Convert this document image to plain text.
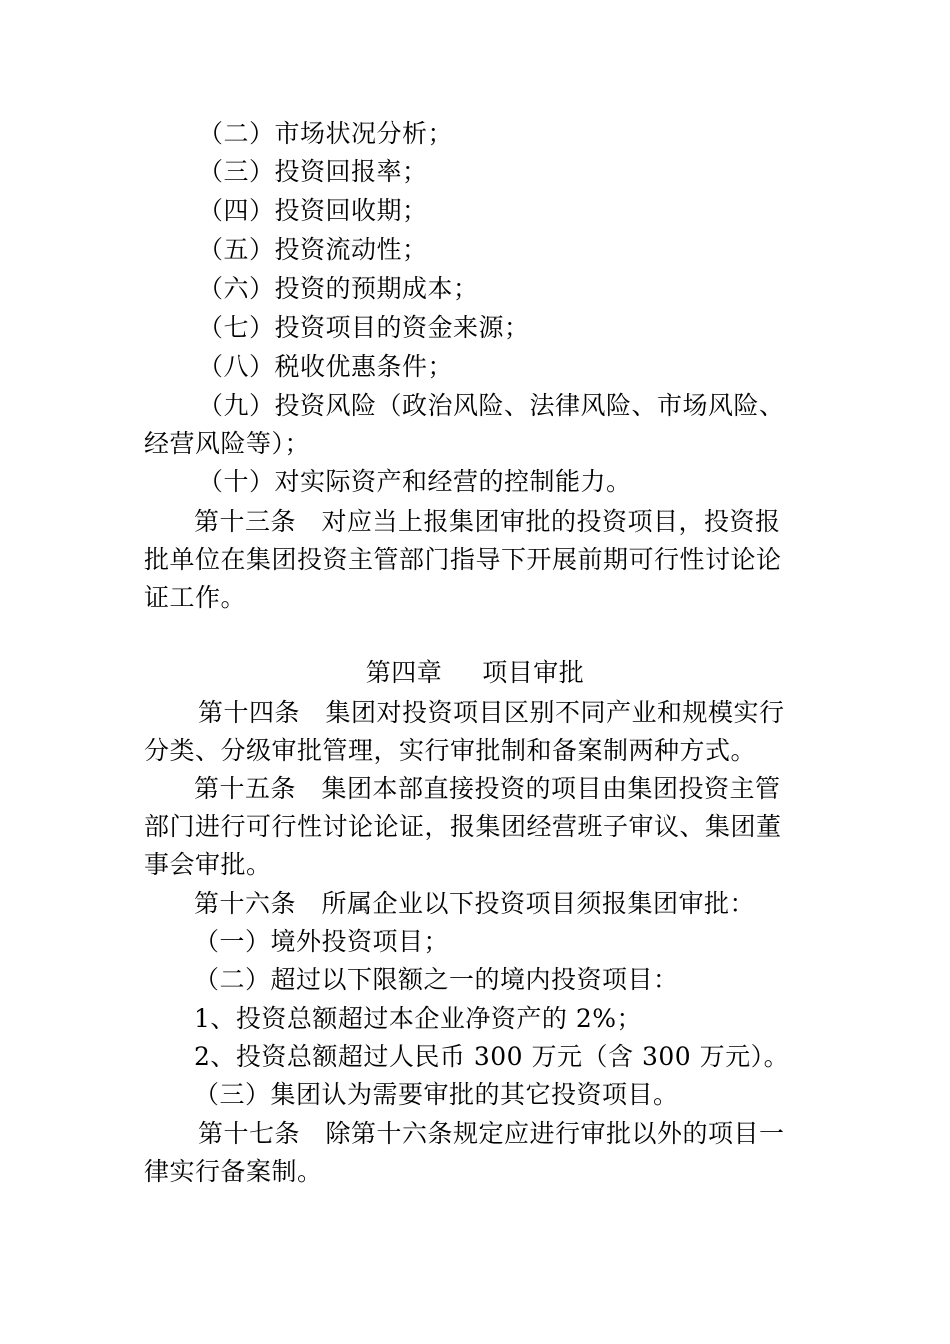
（二）市场状况分析；
（三）投资回报率；
（四）投资回收期；
（五）投资流动性；
（六）投资的预期成本；
（七）投资项目的资金来源；
（八）税收优惠条件；
（九）投资风险（政治风险、法律风险、市场风险、
经营风险等）；
（十）对实际资产和经营的控制能力。
第十三条　对应当上报集团审批的投资项目，投资报
批单位在集团投资主管部门指导下开展前期可行性讨论论
证工作。
第四章 项目审批
第十四条　集团对投资项目区别不同产业和规模实行
分类、分级审批管理，实行审批制和备案制两种方式。
第十五条　集团本部直接投资的项目由集团投资主管
部门进行可行性讨论论证，报集团经营班子审议、集团董
事会审批。
第十六条　所属企业以下投资项目须报集团审批：
（一）境外投资项目；
（二）超过以下限额之一的境内投资项目：
1、投资总额超过本企业净资产的 2%；
2、投资总额超过人民币 300 万元（含 300 万元）。
（三）集团认为需要审批的其它投资项目。
第十七条　除第十六条规定应进行审批以外的项目一
律实行备案制。
